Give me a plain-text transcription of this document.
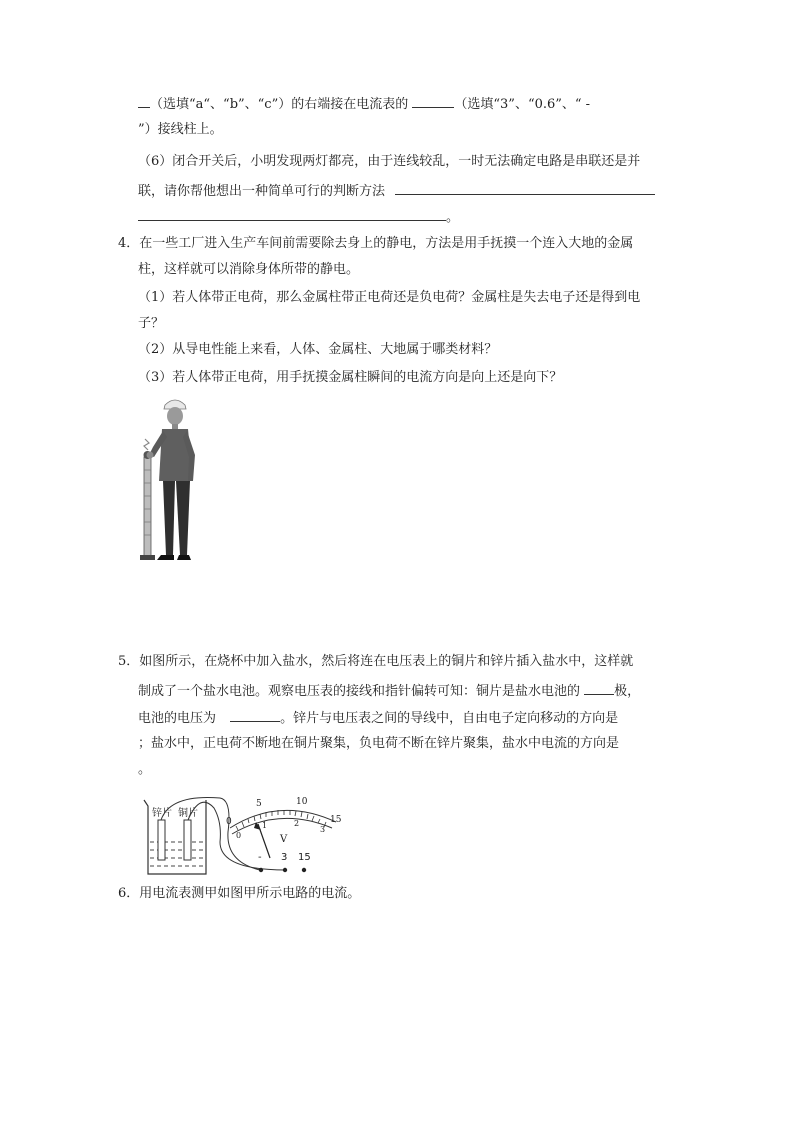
（选填“a“、“b”、“c”）的右端接在电流表的	（选填“3”、“0.6”、“ -
”）接线柱上。
（6）闭合开关后，小明发现两灯都亮，由于连线较乱，一时无法确定电路是串联还是并
联，请你帮他想出一种简单可行的判断方法
。
4．在一些工厂进入生产车间前需要除去身上的静电，方法是用手抚摸一个连入大地的金属
柱，这样就可以消除身体所带的静电。
（1）若人体带正电荷，那么金属柱带正电荷还是负电荷？金属柱是失去电子还是得到电
子？
（2）从导电性能上来看，人体、金属柱、大地属于哪类材料？
（3）若人体带正电荷，用手抚摸金属柱瞬间的电流方向是向上还是向下？
5．如图所示，在烧杯中加入盐水，然后将连在电压表上的铜片和锌片插入盐水中，这样就
制成了一个盐水电池。观察电压表的接线和指针偏转可知：铜片是盐水电池的	极，
电池的电压为	。锌片与电压表之间的导线中，自由电子定向移动的方向是
；盐水中，正电荷不断地在铜片聚集，负电荷不断在锌片聚集，盐水中电流的方向是
。
锌片 铜片
5	10
15
0
0
1	2
3
V
- 3 15
6．用电流表测甲如图甲所示电路的电流。
